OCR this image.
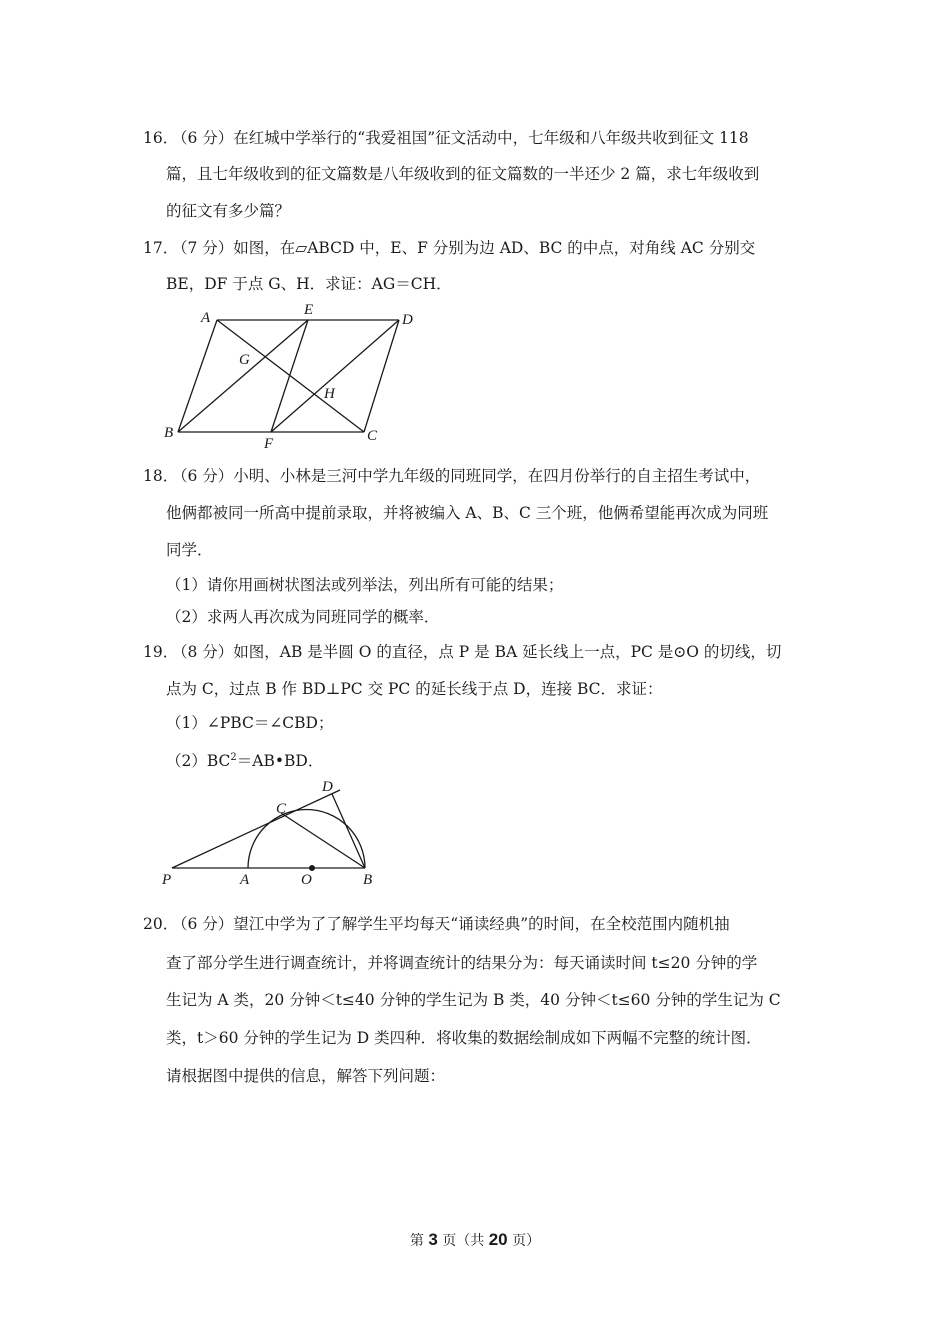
16．
（6 分）在红城中学举行的“我爱祖国”征文活动中，七年级和八年级共收到征文 118
篇，且七年级收到的征文篇数是八年级收到的征文篇数的一半还少 2 篇，求七年级收到
的征文有多少篇？
17．
（7 分）如图，在▱ABCD 中，E、F 分别为边 AD、BC 的中点，对角线 AC 分别交
BE，DF 于点 G、H．求证：AG＝CH．
A	E
D
G
H
B
F	C
18．
（6 分）小明、小林是三河中学九年级的同班同学，在四月份举行的自主招生考试中，
他俩都被同一所高中提前录取，并将被编入 A、B、C 三个班，他俩希望能再次成为同班
同学．
（1）请你用画树状图法或列举法，列出所有可能的结果；
（2）求两人再次成为同班同学的概率．
19．
（8 分）如图，AB 是半圆 O 的直径，点 P 是 BA 延长线上一点，PC 是⊙O 的切线，切
点为 C，过点 B 作 BD⊥PC 交 PC 的延长线于点 D，连接 BC．求证：
（1）∠PBC＝∠CBD；
$(2)BC^2=AB•BD$．
D
C
P	A	O	B
20．
（6 分）望江中学为了了解学生平均每天“诵读经典”的时间，在全校范围内随机抽
查了部分学生进行调查统计，并将调查统计的结果分为：每天诵读时间 t≤20 分钟的学
生记为 A 类，20 分钟＜t≤40 分钟的学生记为 B 类，40 分钟＜t≤60 分钟的学生记为 C
类，t＞60 分钟的学生记为 D 类四种．将收集的数据绘制成如下两幅不完整的统计图．
请根据图中提供的信息，解答下列问题：
第 3 页（共 20 页）
